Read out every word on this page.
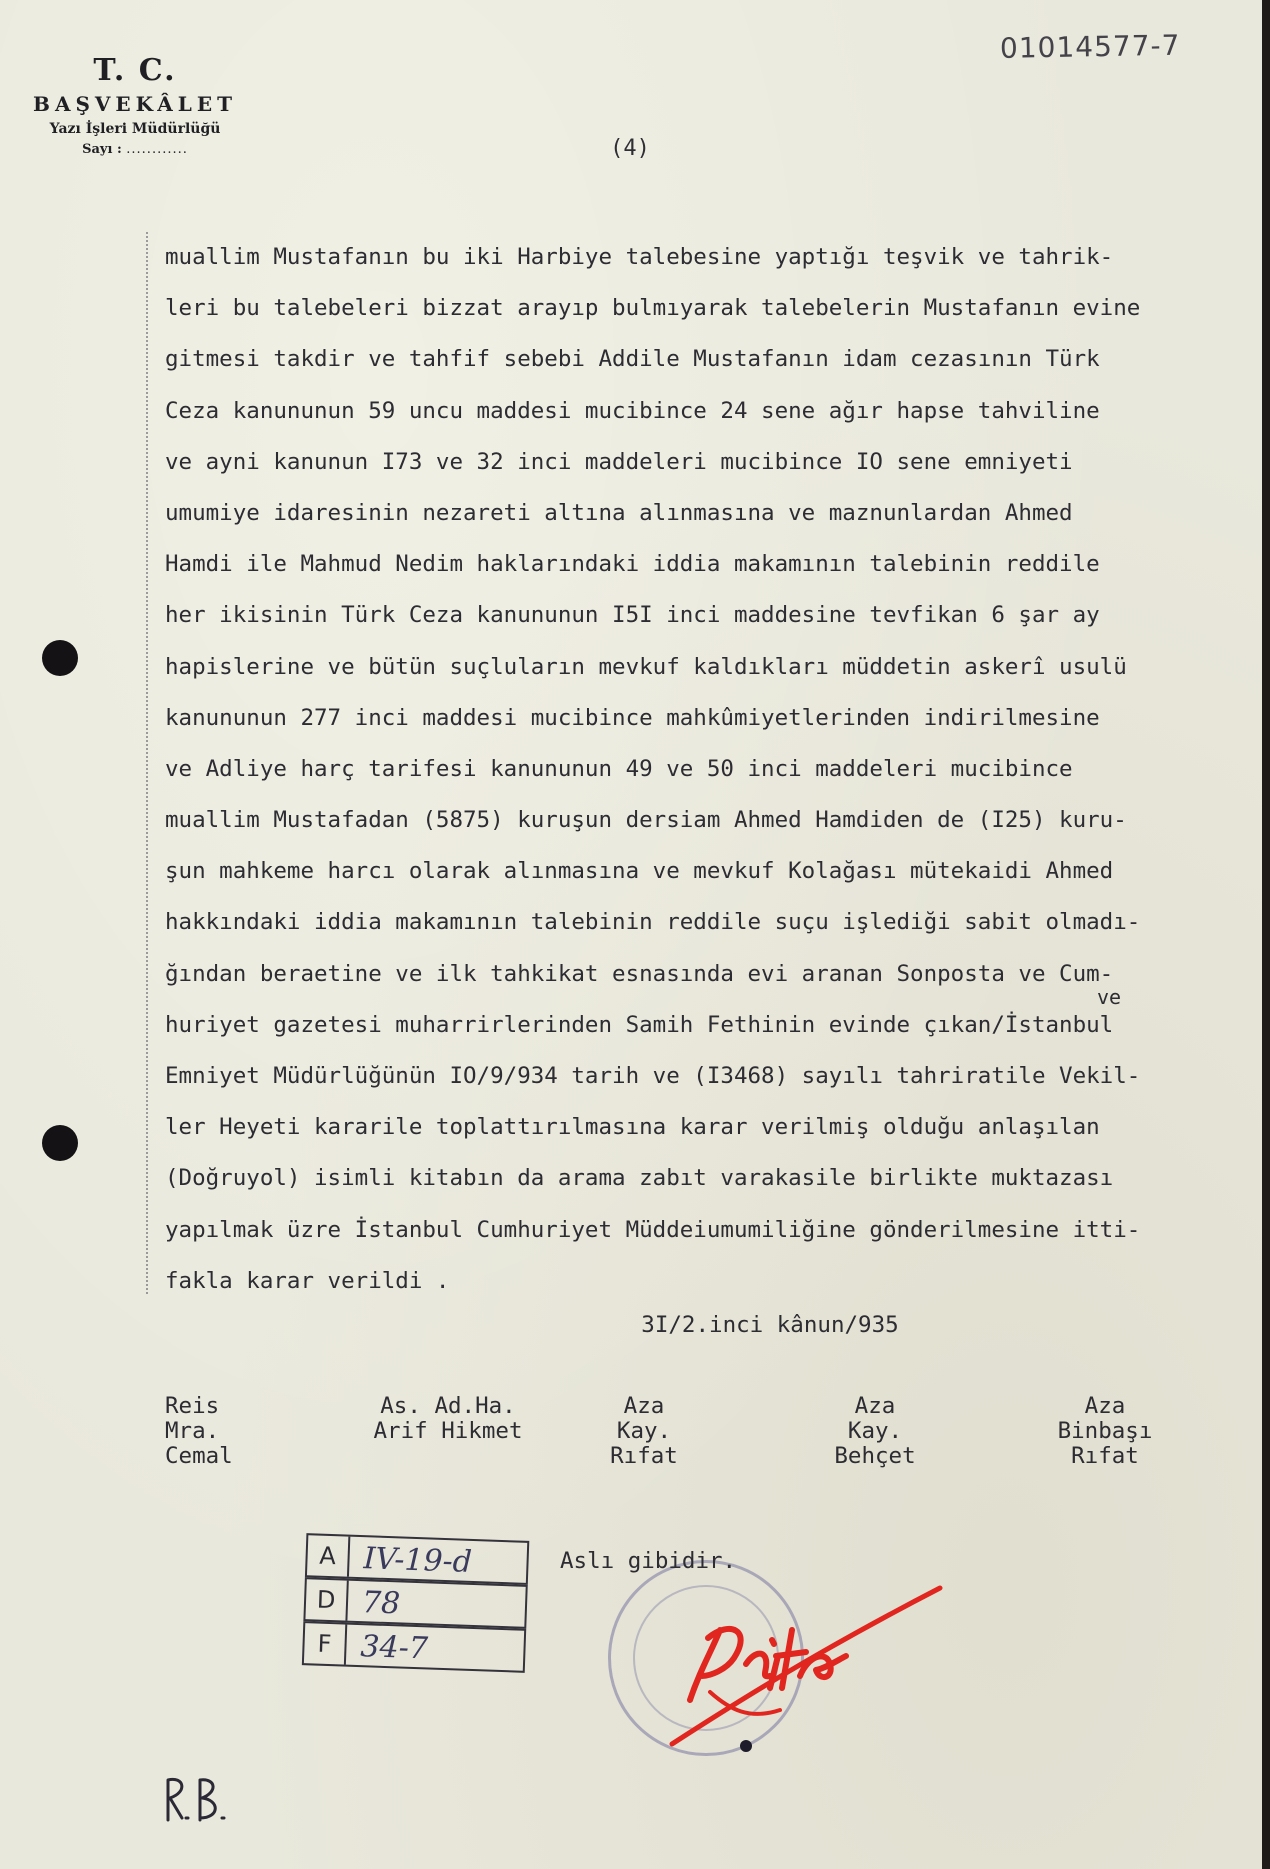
T. C.
BAŞVEKÂLET
Yazı İşleri Müdürlüğü
Sayı : ............
01014577-7
(4)
muallim Mustafanın bu iki Harbiye talebesine yaptığı teşvik ve tahrik-
leri bu talebeleri bizzat arayıp bulmıyarak talebelerin Mustafanın evine
gitmesi takdir ve tahfif sebebi Addile Mustafanın idam cezasının Türk
Ceza kanununun 59 uncu maddesi mucibince 24 sene ağır hapse tahviline
ve ayni kanunun I73 ve 32 inci maddeleri mucibince IO sene emniyeti
umumiye idaresinin nezareti altına alınmasına ve maznunlardan Ahmed
Hamdi ile Mahmud Nedim haklarındaki iddia makamının talebinin reddile
her ikisinin Türk Ceza kanununun I5I inci maddesine tevfikan 6 şar ay
hapislerine ve bütün suçluların mevkuf kaldıkları müddetin askerî usulü
kanununun 277 inci maddesi mucibince mahkûmiyetlerinden indirilmesine
ve Adliye harç tarifesi kanununun 49 ve 50 inci maddeleri mucibince
muallim Mustafadan (5875) kuruşun dersiam Ahmed Hamdiden de (I25) kuru-
şun mahkeme harcı olarak alınmasına ve mevkuf Kolağası mütekaidi Ahmed
hakkındaki iddia makamının talebinin reddile suçu işlediği sabit olmadı-
ğından beraetine ve ilk tahkikat esnasında evi aranan Sonposta ve Cum-
huriyet gazetesi muharrirlerinden Samih Fethinin evinde çıkan/İstanbul
Emniyet Müdürlüğünün IO/9/934 tarih ve (I3468) sayılı tahriratile Vekil-
ler Heyeti kararile toplattırılmasına karar verilmiş olduğu anlaşılan
(Doğruyol) isimli kitabın da arama zabıt varakasile birlikte muktazası
yapılmak üzre İstanbul Cumhuriyet Müddeiumumiliğine gönderilmesine itti-
fakla karar verildi .
ve
3I/2.inci kânun/935
Reis
Mra.
Cemal
As. Ad.Ha.
Arif Hikmet
Aza
Kay.
Rıfat
Aza
Kay.
Behçet
Aza
Binbaşı
Rıfat
A IV-19-d
D 78
F 34-7
Aslı gibidir.
